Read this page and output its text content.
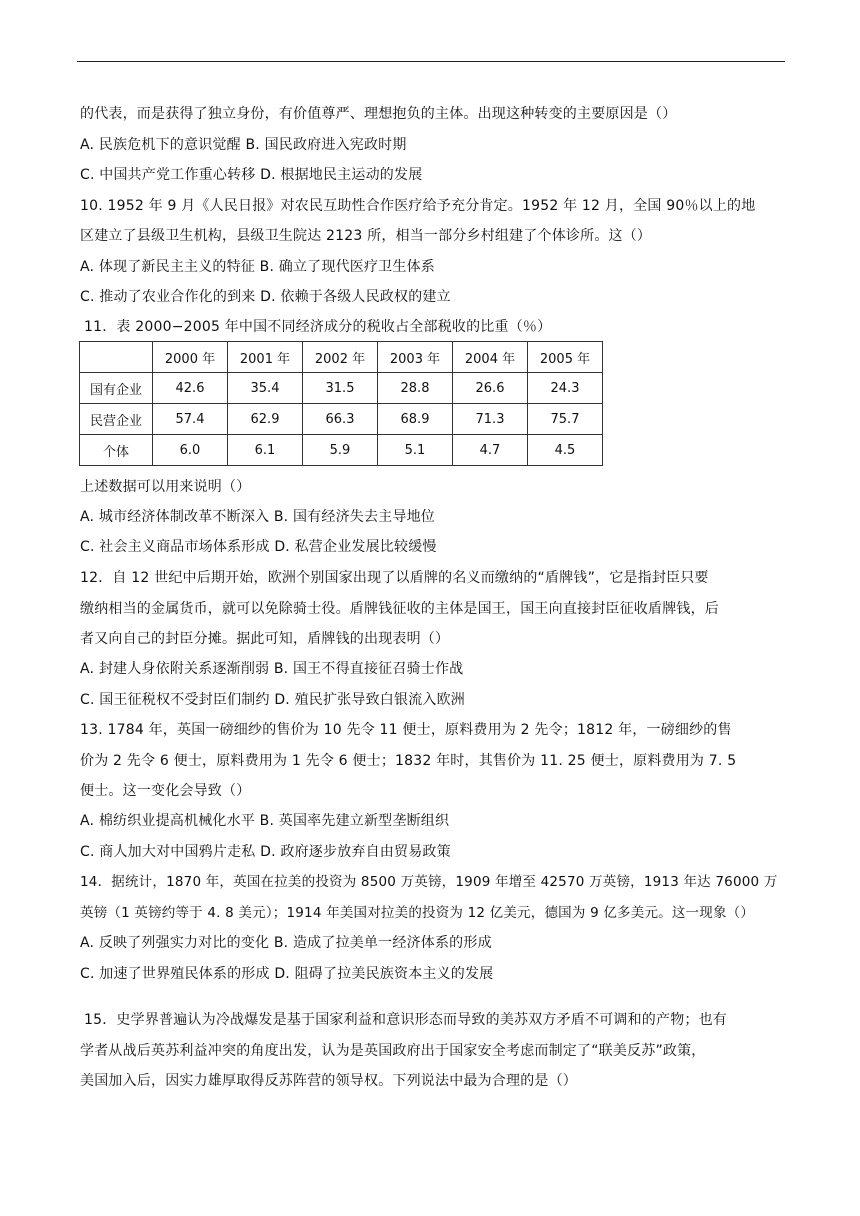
的代表，而是获得了独立身份，有价值尊严、理想抱负的主体。出现这种转变的主要原因是（）
A. 民族危机下的意识觉醒 B. 国民政府进入宪政时期
C. 中国共产党工作重心转移 D. 根据地民主运动的发展
10. 1952 年 9 月《人民日报》对农民互助性合作医疗给予充分肯定。1952 年 12 月，全国 90％以上的地
区建立了县级卫生机构，县级卫生院达 2123 所，相当一部分乡村组建了个体诊所。这（）
A. 体现了新民主主义的特征 B. 确立了现代医疗卫生体系
C. 推动了农业合作化的到来 D. 依赖于各级人民政权的建立
11．表 2000−2005 年中国不同经济成分的税收占全部税收的比重（％）
	2000 年	2001 年	2002 年	2003 年	2004 年	2005 年
国有企业	42.6	35.4	31.5	28.8	26.6	24.3
民营企业	57.4	62.9	66.3	68.9	71.3	75.7
个体	6.0	6.1	5.9	5.1	4.7	4.5
上述数据可以用来说明（）
A. 城市经济体制改革不断深入 B. 国有经济失去主导地位
C. 社会主义商品市场体系形成 D. 私营企业发展比较缓慢
12．自 12 世纪中后期开始，欧洲个别国家出现了以盾牌的名义而缴纳的“盾牌钱”，它是指封臣只要
缴纳相当的金属货币，就可以免除骑士役。盾牌钱征收的主体是国王，国王向直接封臣征收盾牌钱，后
者又向自己的封臣分摊。据此可知，盾牌钱的出现表明（）
A. 封建人身依附关系逐渐削弱 B. 国王不得直接征召骑士作战
C. 国王征税权不受封臣们制约 D. 殖民扩张导致白银流入欧洲
13. 1784 年，英国一磅细纱的售价为 10 先令 11 便士，原料费用为 2 先令；1812 年，一磅细纱的售
价为 2 先令 6 便士，原料费用为 1 先令 6 便士；1832 年时，其售价为 11. 25 便士，原料费用为 7. 5
便士。这一变化会导致（）
A. 棉纺织业提高机械化水平 B. 英国率先建立新型垄断组织
C. 商人加大对中国鸦片走私 D. 政府逐步放弃自由贸易政策
14．据统计，1870 年，英国在拉美的投资为 8500 万英镑，1909 年增至 42570 万英镑，1913 年达 76000 万
英镑（1 英镑约等于 4. 8 美元）；1914 年美国对拉美的投资为 12 亿美元，德国为 9 亿多美元。这一现象（）
A. 反映了列强实力对比的变化 B. 造成了拉美单一经济体系的形成
C. 加速了世界殖民体系的形成 D. 阻碍了拉美民族资本主义的发展
15．史学界普遍认为冷战爆发是基于国家利益和意识形态而导致的美苏双方矛盾不可调和的产物；也有
学者从战后英苏利益冲突的角度出发，认为是英国政府出于国家安全考虑而制定了“联美反苏”政策，
美国加入后，因实力雄厚取得反苏阵营的领导权。下列说法中最为合理的是（）
